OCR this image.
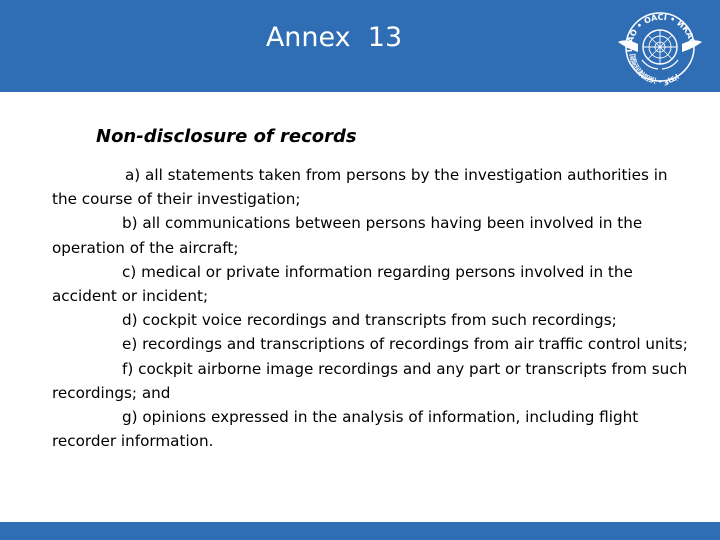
Annex  13	ICAO • OACI • ИКАО
国际民航组织 • ايكاو
Non-disclosure of records

a) all statements taken from persons by the investigation authorities in the course of their investigation;

b) all communications between persons having been involved in the operation of the aircraft;

c) medical or private information regarding persons involved in the accident or incident;

d) cockpit voice recordings and transcripts from such recordings;

e) recordings and transcriptions of recordings from air traffic control units;

f) cockpit airborne image recordings and any part or transcripts from such recordings; and

g) opinions expressed in the analysis of information, including flight recorder information.
